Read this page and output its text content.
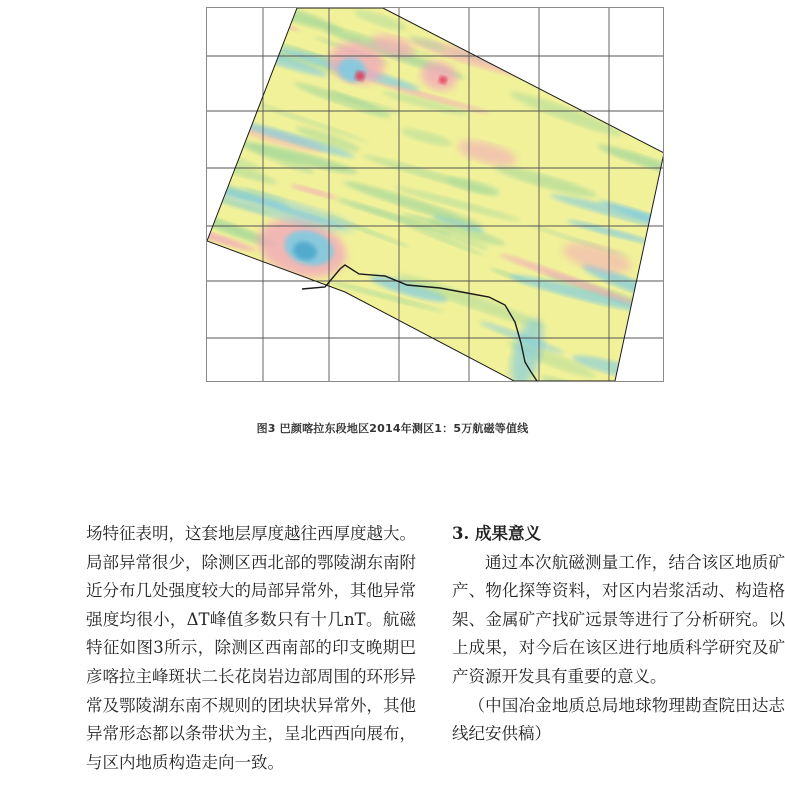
图3 巴颜喀拉东段地区2014年测区1：5万航磁等值线

场特征表明，这套地层厚度越往西厚度越大。局部异常很少，除测区西北部的鄂陵湖东南附近分布几处强度较大的局部异常外，其他异常强度均很小，ΔT峰值多数只有十几nT。航磁特征如图3所示，除测区西南部的印支晚期巴彦喀拉主峰斑状二长花岗岩边部周围的环形异常及鄂陵湖东南不规则的团块状异常外，其他异常形态都以条带状为主，呈北西西向展布，与区内地质构造走向一致。

3. 成果意义

通过本次航磁测量工作，结合该区地质矿产、物化探等资料，对区内岩浆活动、构造格架、金属矿产找矿远景等进行了分析研究。以上成果，对今后在该区进行地质科学研究及矿产资源开发具有重要的意义。

（中国冶金地质总局地球物理勘查院田达志　线纪安供稿）
